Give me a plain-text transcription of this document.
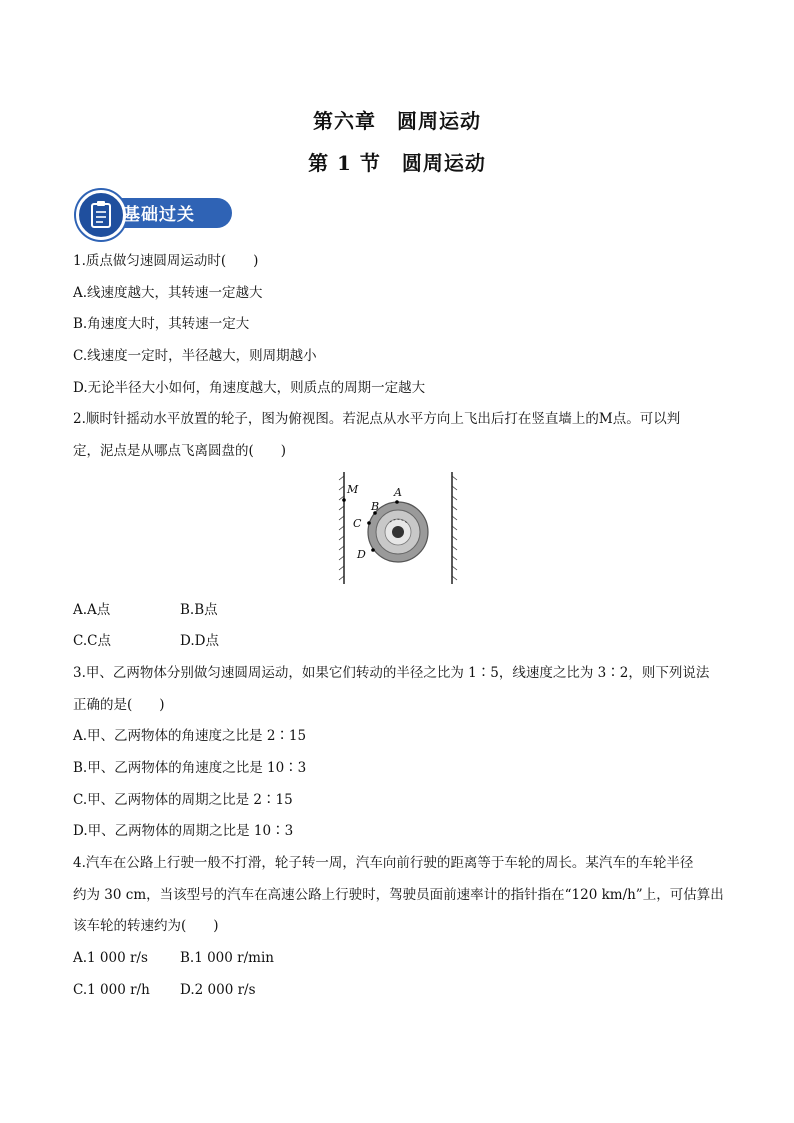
第六章　圆周运动
第 1 节　圆周运动
基础过关
1.质点做匀速圆周运动时(　　)
A.线速度越大，其转速一定越大
B.角速度大时，其转速一定大
C.线速度一定时，半径越大，则周期越小
D.无论半径大小如何，角速度越大，则质点的周期一定越大
2.顺时针摇动水平放置的轮子，图为俯视图。若泥点从水平方向上飞出后打在竖直墙上的M点。可以判
定，泥点是从哪点飞离圆盘的(　　)
M	A
B
C
D
A.A点	B.B点
C.C点	D.D点
3.甲、乙两物体分别做匀速圆周运动，如果它们转动的半径之比为 1∶5，线速度之比为 3∶2，则下列说法
正确的是(　　)
A.甲、乙两物体的角速度之比是 2∶15
B.甲、乙两物体的角速度之比是 10∶3
C.甲、乙两物体的周期之比是 2∶15
D.甲、乙两物体的周期之比是 10∶3
4.汽车在公路上行驶一般不打滑，轮子转一周，汽车向前行驶的距离等于车轮的周长。某汽车的车轮半径
约为 30 cm，当该型号的汽车在高速公路上行驶时，驾驶员面前速率计的指针指在“120 km/h”上，可估算出
该车轮的转速约为(　　)
A.1 000 r/s B.1 000 r/min
C.1 000 r/h D.2 000 r/s
